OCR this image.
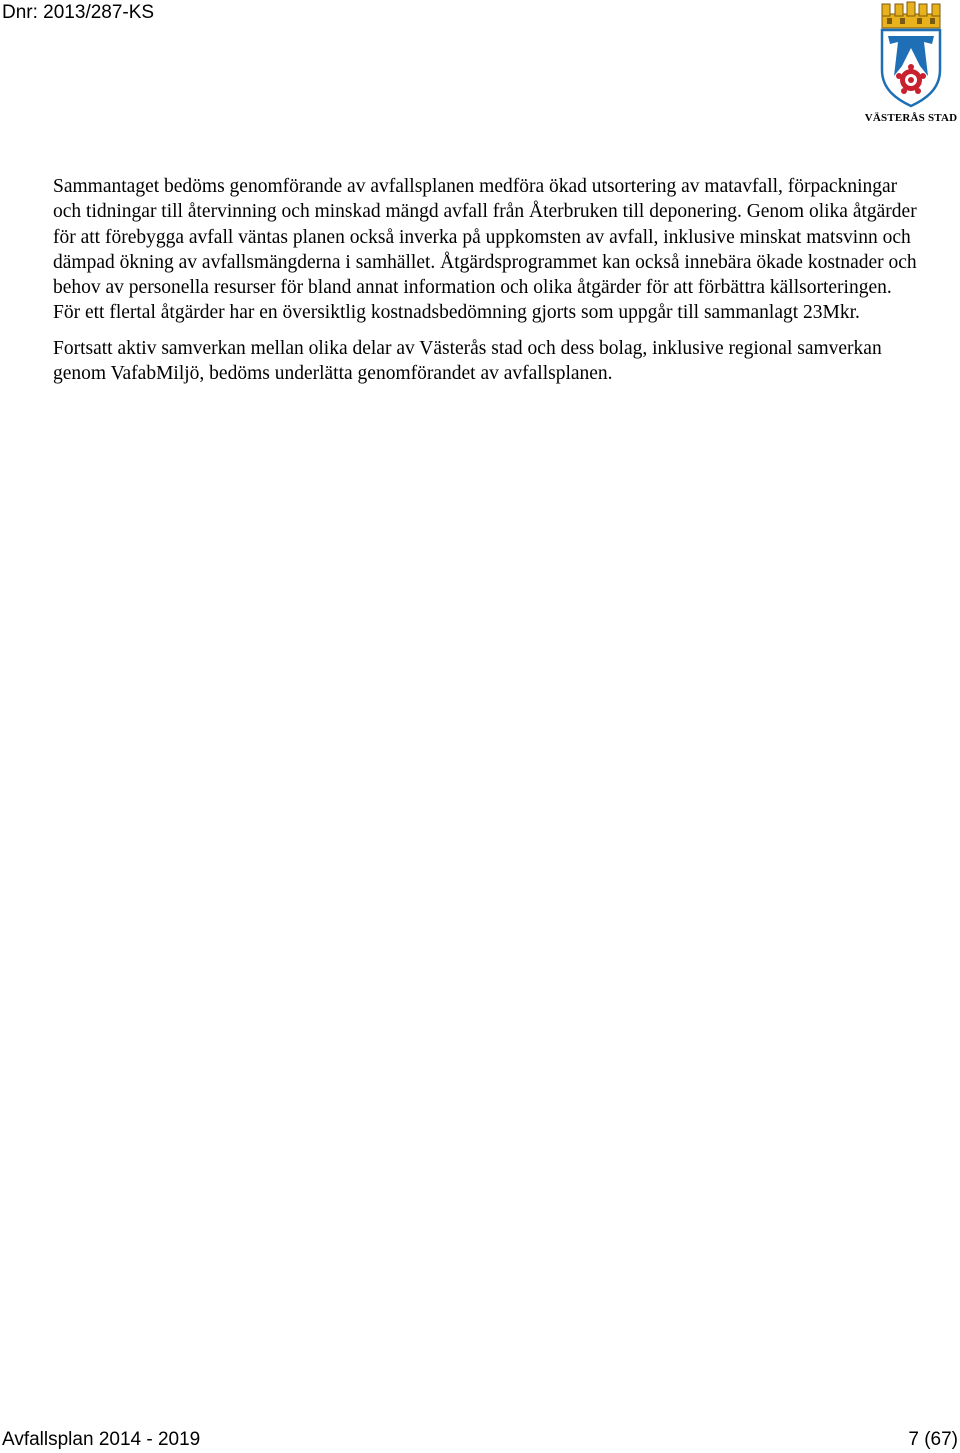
Dnr: 2013/287-KS
VÄSTERÅS STAD

Sammantaget bedöms genomförande av avfallsplanen medföra ökad utsortering av matavfall, förpackningar och tidningar till återvinning och minskad mängd avfall från Återbruken till deponering. Genom olika åtgärder för att förebygga avfall väntas planen också inverka på uppkomsten av avfall, inklusive minskat matsvinn och dämpad ökning av avfallsmängderna i samhället. Åtgärdsprogrammet kan också innebära ökade kostnader och behov av personella resurser för bland annat information och olika åtgärder för att förbättra källsorteringen. För ett flertal åtgärder har en översiktlig kostnadsbedömning gjorts som uppgår till sammanlagt 23Mkr.

Fortsatt aktiv samverkan mellan olika delar av Västerås stad och dess bolag, inklusive regional samverkan genom VafabMiljö, bedöms underlätta genomförandet av avfallsplanen.

Avfallsplan 2014 - 2019	7 (67)
